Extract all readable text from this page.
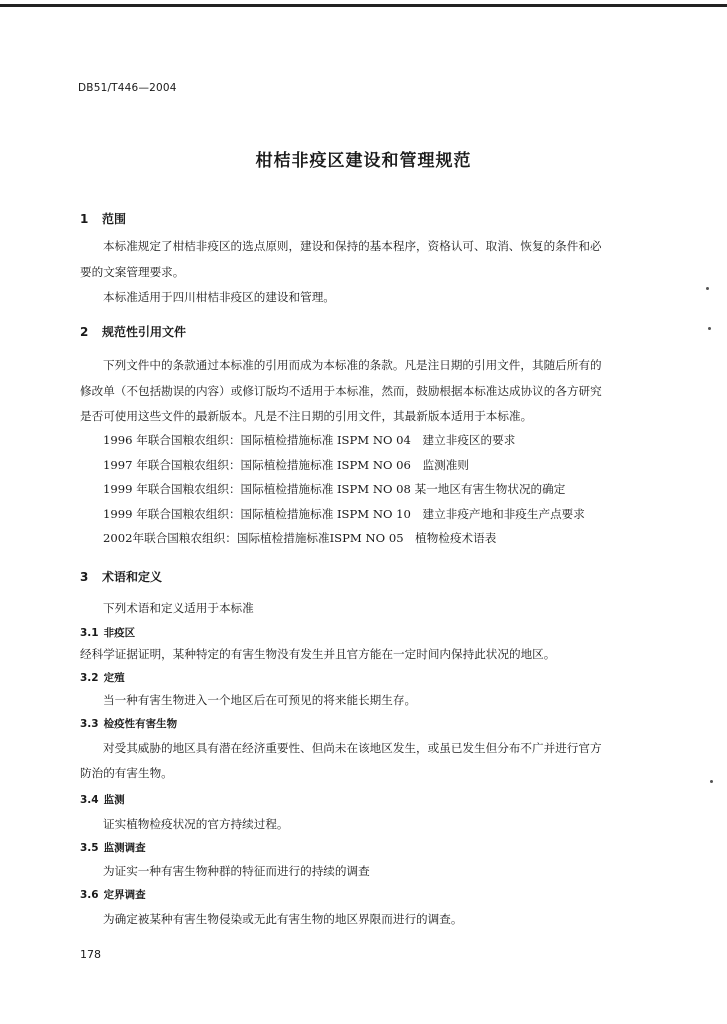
DB51/T446—2004
柑桔非疫区建设和管理规范
1 范围
本标准规定了柑桔非疫区的选点原则，建设和保持的基本程序，资格认可、取消、恢复的条件和必
要的文案管理要求。
本标准适用于四川柑桔非疫区的建设和管理。
2 规范性引用文件
下列文件中的条款通过本标准的引用而成为本标准的条款。凡是注日期的引用文件，其随后所有的
修改单（不包括勘误的内容）或修订版均不适用于本标准，然而，鼓励根据本标准达成协议的各方研究
是否可使用这些文件的最新版本。凡是不注日期的引用文件，其最新版本适用于本标准。
1996 年联合国粮农组织：国际植检措施标准 ISPM NO 04　建立非疫区的要求
1997 年联合国粮农组织：国际植检措施标准 ISPM NO 06　监测准则
1999 年联合国粮农组织：国际植检措施标准 ISPM NO 08 某一地区有害生物状况的确定
1999 年联合国粮农组织：国际植检措施标准 ISPM NO 10　建立非疫产地和非疫生产点要求
2002年联合国粮农组织：国际植检措施标准ISPM NO 05　植物检疫术语表
3 术语和定义
下列术语和定义适用于本标准
3.1 非疫区
经科学证据证明，某种特定的有害生物没有发生并且官方能在一定时间内保持此状况的地区。
3.2 定殖
当一种有害生物进入一个地区后在可预见的将来能长期生存。
3.3 检疫性有害生物
对受其威胁的地区具有潜在经济重要性、但尚未在该地区发生，或虽已发生但分布不广并进行官方
防治的有害生物。
3.4 监测
证实植物检疫状况的官方持续过程。
3.5 监测调查
为证实一种有害生物种群的特征而进行的持续的调查
3.6 定界调查
为确定被某种有害生物侵染或无此有害生物的地区界限而进行的调查。
178
